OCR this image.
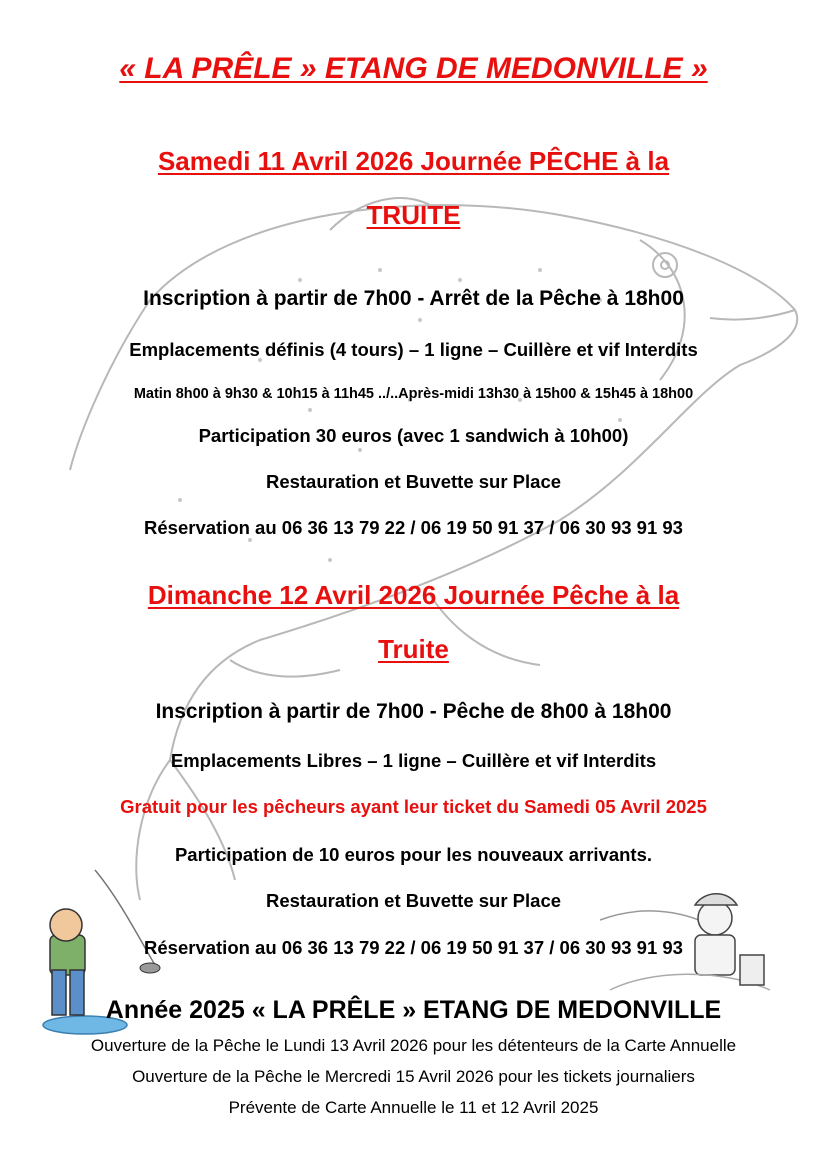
« LA PRÊLE » ETANG DE MEDONVILLE »
Samedi 11 Avril 2026 Journée PÊCHE à la
TRUITE
Inscription à partir de 7h00 - Arrêt de la Pêche à 18h00
Emplacements définis (4 tours) – 1 ligne – Cuillère et vif Interdits
Matin 8h00 à 9h30 & 10h15 à 11h45 ../..Après-midi 13h30 à 15h00 & 15h45 à 18h00
Participation 30 euros (avec 1 sandwich à 10h00)
Restauration et Buvette sur Place
Réservation au 06 36 13 79 22 / 06 19 50 91 37 / 06 30 93 91 93
Dimanche 12 Avril 2026 Journée Pêche à la
Truite
Inscription à partir de 7h00 - Pêche de 8h00 à 18h00
Emplacements Libres – 1 ligne – Cuillère et vif Interdits
Gratuit pour les pêcheurs ayant leur ticket du Samedi 05 Avril 2025
Participation de 10 euros pour les nouveaux arrivants.
Restauration et Buvette sur Place
Réservation au 06 36 13 79 22 / 06 19 50 91 37 / 06 30 93 91 93
Année 2025 « LA PRÊLE » ETANG DE MEDONVILLE
Ouverture de la Pêche le Lundi 13 Avril 2026 pour les détenteurs de la Carte Annuelle
Ouverture de la Pêche le Mercredi 15 Avril 2026 pour les tickets journaliers
Prévente de Carte Annuelle le 11 et 12 Avril 2025
